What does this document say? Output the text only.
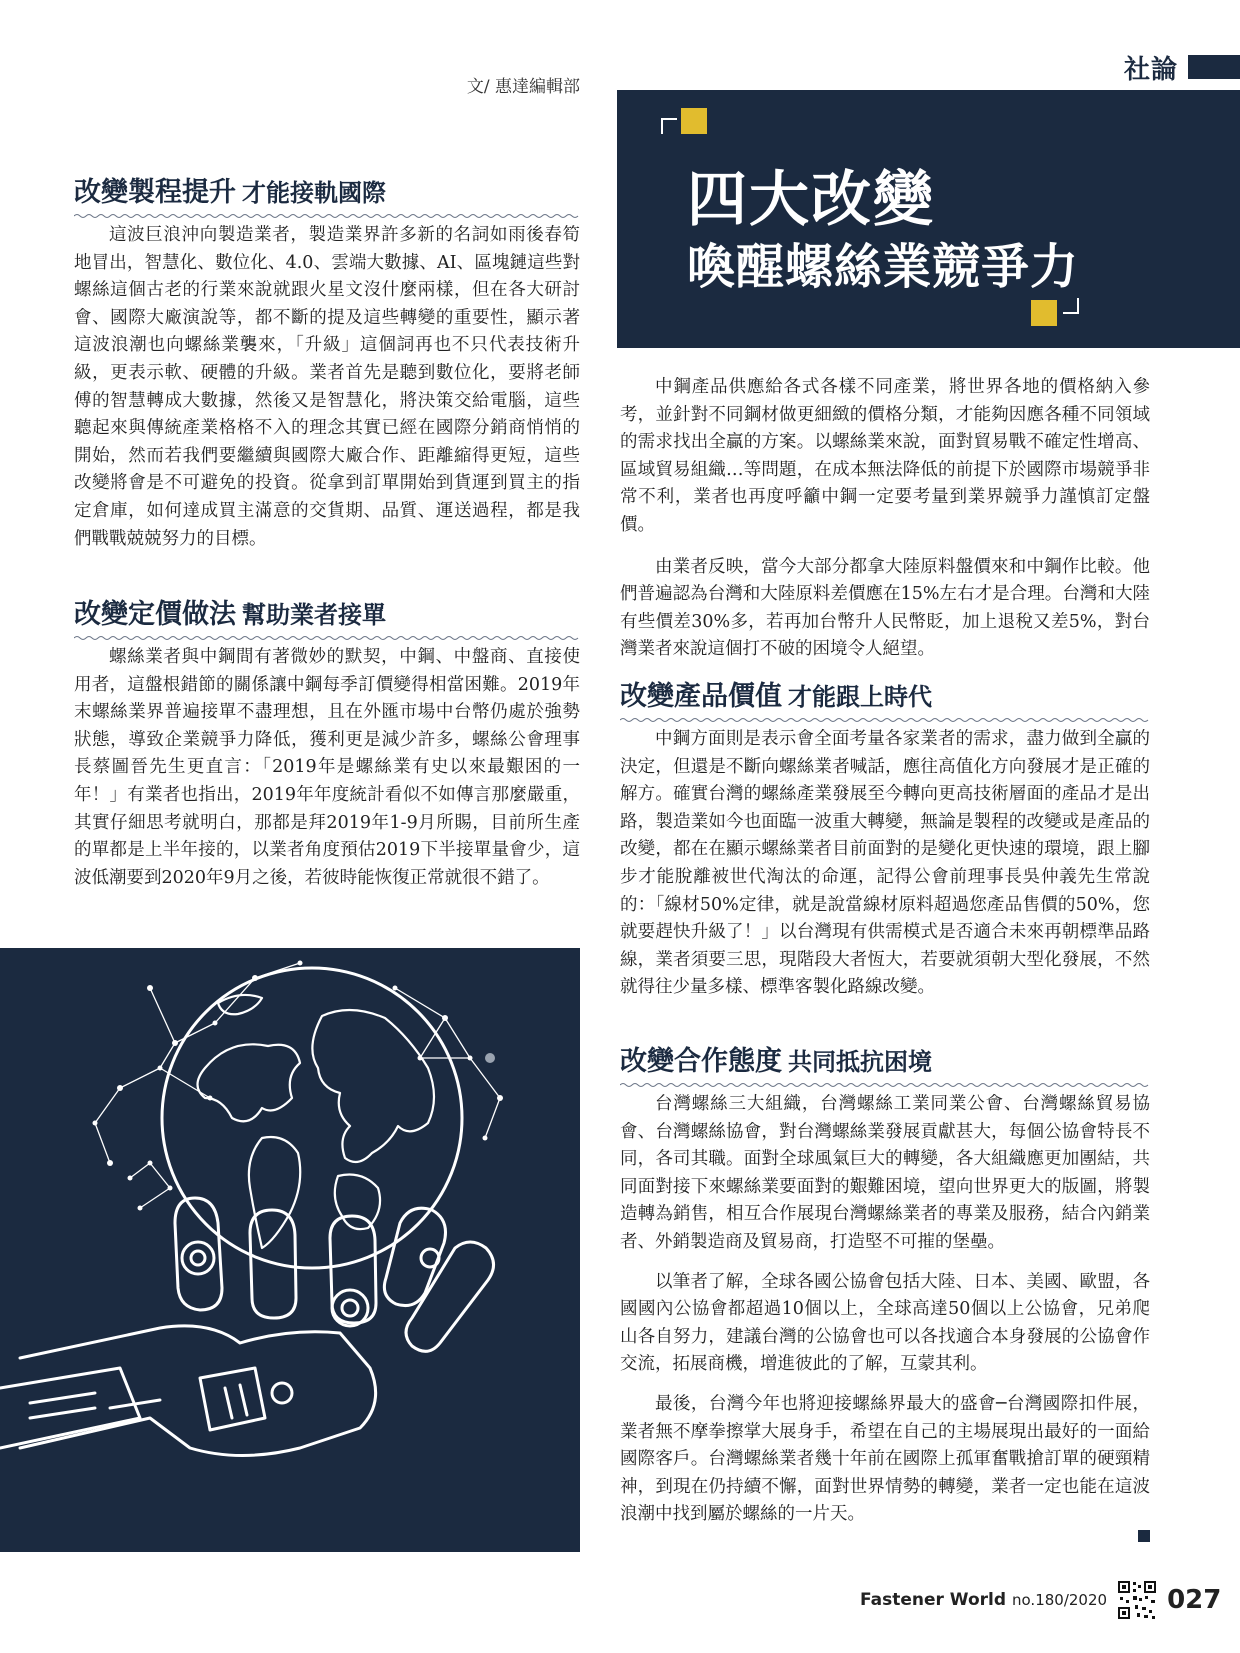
社論
文/ 惠達編輯部
四大改變
喚醒螺絲業競爭力
改變製程提升 才能接軌國際

這波巨浪沖向製造業者，製造業界許多新的名詞如雨後春筍地冒出，智慧化、數位化、4.0、雲端大數據、AI、區塊鏈這些對螺絲這個古老的行業來說就跟火星文沒什麼兩樣，但在各大研討會、國際大廠演說等，都不斷的提及這些轉變的重要性，顯示著這波浪潮也向螺絲業襲來，「升級」這個詞再也不只代表技術升級，更表示軟、硬體的升級。業者首先是聽到數位化，要將老師傅的智慧轉成大數據，然後又是智慧化，將決策交給電腦，這些聽起來與傳統產業格格不入的理念其實已經在國際分銷商悄悄的開始，然而若我們要繼續與國際大廠合作、距離縮得更短，這些改變將會是不可避免的投資。從拿到訂單開始到貨運到買主的指定倉庫，如何達成買主滿意的交貨期、品質、運送過程，都是我們戰戰兢兢努力的目標。

改變定價做法 幫助業者接單

螺絲業者與中鋼間有著微妙的默契，中鋼、中盤商、直接使用者，這盤根錯節的關係讓中鋼每季訂價變得相當困難。2019年末螺絲業界普遍接單不盡理想，且在外匯市場中台幣仍處於強勢狀態，導致企業競爭力降低，獲利更是減少許多，螺絲公會理事長蔡圖晉先生更直言：「2019年是螺絲業有史以來最艱困的一年！」有業者也指出，2019年年度統計看似不如傳言那麼嚴重，其實仔細思考就明白，那都是拜2019年1-9月所賜，目前所生產的單都是上半年接的，以業者角度預估2019下半接單量會少，這波低潮要到2020年9月之後，若彼時能恢復正常就很不錯了。

中鋼產品供應給各式各樣不同產業，將世界各地的價格納入參考，並針對不同鋼材做更細緻的價格分類，才能夠因應各種不同領域的需求找出全贏的方案。以螺絲業來說，面對貿易戰不確定性增高、區域貿易組織…等問題，在成本無法降低的前提下於國際市場競爭非常不利，業者也再度呼籲中鋼一定要考量到業界競爭力謹慎訂定盤價。

由業者反映，當今大部分都拿大陸原料盤價來和中鋼作比較。他們普遍認為台灣和大陸原料差價應在15%左右才是合理。台灣和大陸有些價差30%多，若再加台幣升人民幣貶，加上退稅又差5%，對台灣業者來說這個打不破的困境令人絕望。

改變產品價值 才能跟上時代

中鋼方面則是表示會全面考量各家業者的需求，盡力做到全贏的決定，但還是不斷向螺絲業者喊話，應往高值化方向發展才是正確的解方。確實台灣的螺絲產業發展至今轉向更高技術層面的產品才是出路，製造業如今也面臨一波重大轉變，無論是製程的改變或是產品的改變，都在在顯示螺絲業者目前面對的是變化更快速的環境，跟上腳步才能脫離被世代淘汰的命運，記得公會前理事長吳仲義先生常說的：「線材50%定律，就是說當線材原料超過您產品售價的50%，您就要趕快升級了！」以台灣現有供需模式是否適合未來再朝標準品路線，業者須要三思，現階段大者恆大，若要就須朝大型化發展，不然就得往少量多樣、標準客製化路線改變。

改變合作態度 共同抵抗困境

台灣螺絲三大組織，台灣螺絲工業同業公會、台灣螺絲貿易協會、台灣螺絲協會，對台灣螺絲業發展貢獻甚大，每個公協會特長不同，各司其職。面對全球風氣巨大的轉變，各大組織應更加團結，共同面對接下來螺絲業要面對的艱難困境，望向世界更大的版圖，將製造轉為銷售，相互合作展現台灣螺絲業者的專業及服務，結合內銷業者、外銷製造商及貿易商，打造堅不可摧的堡壘。

以筆者了解，全球各國公協會包括大陸、日本、美國、歐盟，各國國內公協會都超過10個以上，全球高達50個以上公協會，兄弟爬山各自努力，建議台灣的公協會也可以各找適合本身發展的公協會作交流，拓展商機，增進彼此的了解，互蒙其利。

最後，台灣今年也將迎接螺絲界最大的盛會─台灣國際扣件展，業者無不摩拳擦掌大展身手，希望在自己的主場展現出最好的一面給國際客戶。台灣螺絲業者幾十年前在國際上孤軍奮戰搶訂單的硬頸精神，到現在仍持續不懈，面對世界情勢的轉變，業者一定也能在這波浪潮中找到屬於螺絲的一片天。

Fastener World no.180/2020 027
